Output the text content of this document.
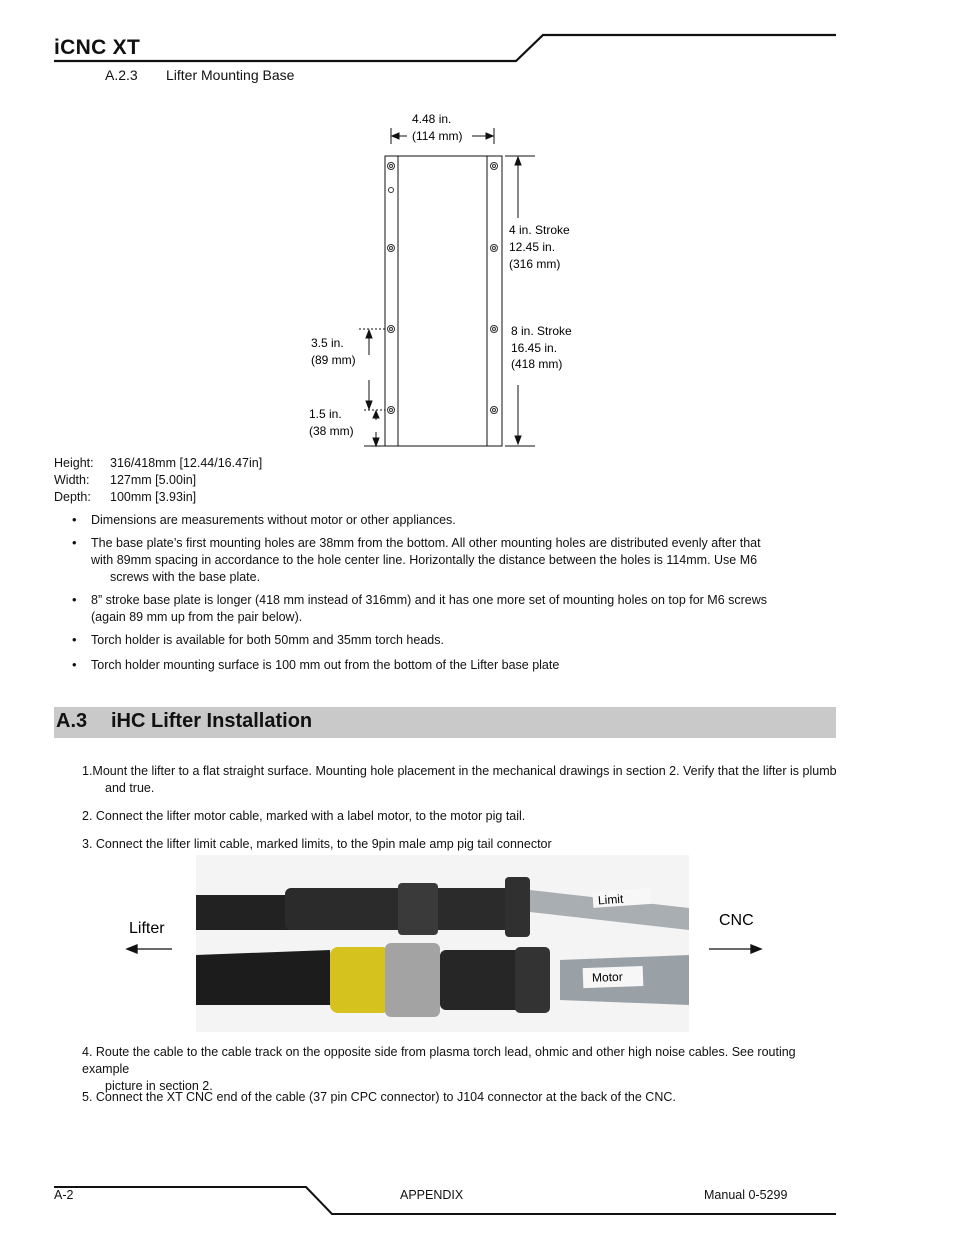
iCNC XT
A.2.3 Lifter Mounting Base
4.48 in.
(114 mm)
4 in. Stroke
12.45 in.
(316 mm)
8 in. Stroke
16.45 in.
(418 mm)
3.5 in.
(89 mm)
1.5 in.
(38 mm)
Height: 316/418mm [12.44/16.47in]
Width: 127mm [5.00in]
Depth: 100mm [3.93in]
• Dimensions are measurements without motor or other appliances.
• The base plate’s first mounting holes are 38mm from the bottom. All other mounting holes are distributed evenly after that
with 89mm spacing in accordance to the hole center line. Horizontally the distance between the holes is 114mm. Use M6
screws with the base plate.
• 8” stroke base plate is longer (418 mm instead of 316mm) and it has one more set of mounting holes on top for M6 screws
(again 89 mm up from the pair below).
• Torch holder is available for both 50mm and 35mm torch heads.
• Torch holder mounting surface is 100 mm out from the bottom of the Lifter base plate
A.3 iHC Lifter Installation
1.Mount the lifter to a flat straight surface. Mounting hole placement in the mechanical drawings in section 2. Verify that the lifter is plumb
and true.
2. Connect the lifter motor cable, marked with a label motor, to the motor pig tail.
3. Connect the lifter limit cable, marked limits, to the 9pin male amp pig tail connector
Limit
Motor
Lifter	CNC
4. Route the cable to the cable track on the opposite side from plasma torch lead, ohmic and other high noise cables. See routing example
picture in section 2.
5. Connect the XT CNC end of the cable (37 pin CPC connector) to J104 connector at the back of the CNC.
A-2	APPENDIX	Manual 0-5299
